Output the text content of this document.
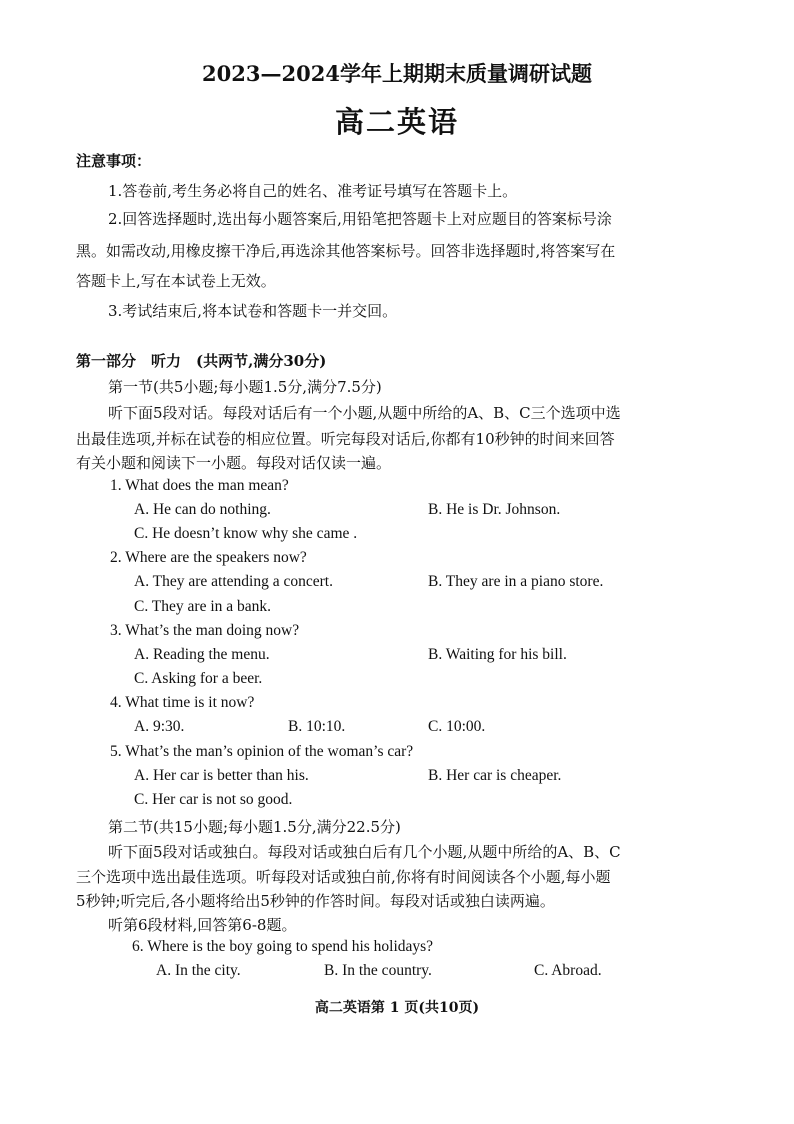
2023—2024学年上期期末质量调研试题
高二英语
注意事项：
1.答卷前,考生务必将自己的姓名、准考证号填写在答题卡上。
2.回答选择题时,选出每小题答案后,用铅笔把答题卡上对应题目的答案标号涂
黑。如需改动,用橡皮擦干净后,再选涂其他答案标号。回答非选择题时,将答案写在
答题卡上,写在本试卷上无效。
3.考试结束后,将本试卷和答题卡一并交回。
第一部分　听力　(共两节,满分30分)
第一节(共5小题;每小题1.5分,满分7.5分)
听下面5段对话。每段对话后有一个小题,从题中所给的A、B、C三个选项中选
出最佳选项,并标在试卷的相应位置。听完每段对话后,你都有10秒钟的时间来回答
有关小题和阅读下一小题。每段对话仅读一遍。
1. What does the man mean?
A. He can do nothing.	B. He is Dr. Johnson.
C. He doesn’t know why she came .
2. Where are the speakers now?
A. They are attending a concert.	B. They are in a piano store.
C. They are in a bank.
3. What’s the man doing now?
A. Reading the menu.	B. Waiting for his bill.
C. Asking for a beer.
4. What time is it now?
A. 9:30.	B. 10:10.	C. 10:00.
5. What’s the man’s opinion of the woman’s car?
A. Her car is better than his.	B. Her car is cheaper.
C. Her car is not so good.
第二节(共15小题;每小题1.5分,满分22.5分)
听下面5段对话或独白。每段对话或独白后有几个小题,从题中所给的A、B、C
三个选项中选出最佳选项。听每段对话或独白前,你将有时间阅读各个小题,每小题
5秒钟;听完后,各小题将给出5秒钟的作答时间。每段对话或独白读两遍。
听第6段材料,回答第6-8题。
6. Where is the boy going to spend his holidays?
A. In the city.	B. In the country.	C. Abroad.
高二英语第 1 页(共10页)
